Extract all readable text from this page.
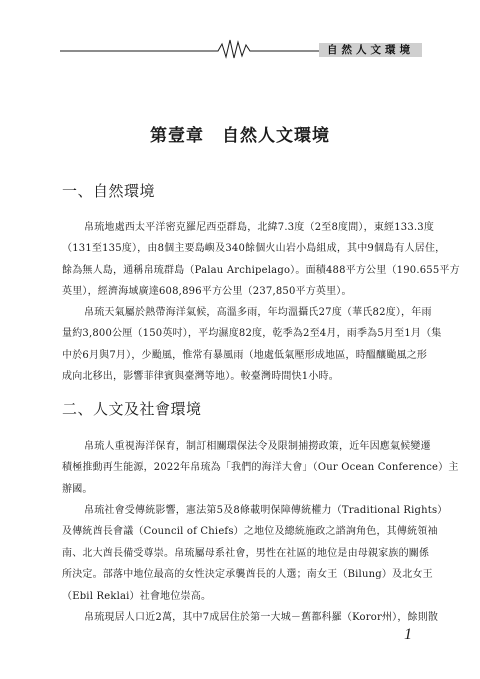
自然人文環境
第壹章　自然人文環境
一、自然環境
帛琉地處西太平洋密克羅尼西亞群島，北緯7.3度（2至8度間），東經133.3度
（131至135度），由8個主要島嶼及340餘個火山岩小島組成，其中9個島有人居住，
餘為無人島，通稱帛琉群島（Palau Archipelago）。面積488平方公里（190.655平方
英里），經濟海域廣達608,896平方公里（237,850平方英里）。
帛琉天氣屬於熱帶海洋氣候，高溫多雨，年均溫攝氏27度（華氏82度），年雨
量約3,800公厘（150英吋），平均濕度82度，乾季為2至4月，雨季為5月至1月（集
中於6月與7月），少颱風，惟常有暴風雨（地處低氣壓形成地區，時醞釀颱風之形
成向北移出，影響菲律賓與臺灣等地）。較臺灣時間快1小時。
二、人文及社會環境
帛琉人重視海洋保育，制訂相關環保法令及限制捕撈政策，近年因應氣候變遷
積極推動再生能源，2022年帛琉為「我們的海洋大會」（Our Ocean Conference）主
辦國。
帛琉社會受傳統影響，憲法第5及8條載明保障傳統權力（Traditional Rights）
及傳統酋長會議（Council of Chiefs）之地位及總統施政之諮詢角色，其傳統領袖
南、北大酋長備受尊崇。帛琉屬母系社會，男性在社區的地位是由母親家族的關係
所決定。部落中地位最高的女性決定承襲酋長的人選；南女王（Bilung）及北女王
（Ebil Reklai）社會地位崇高。
帛琉現居人口近2萬，其中7成居住於第一大城－舊都科羅（Koror州），餘則散
1
